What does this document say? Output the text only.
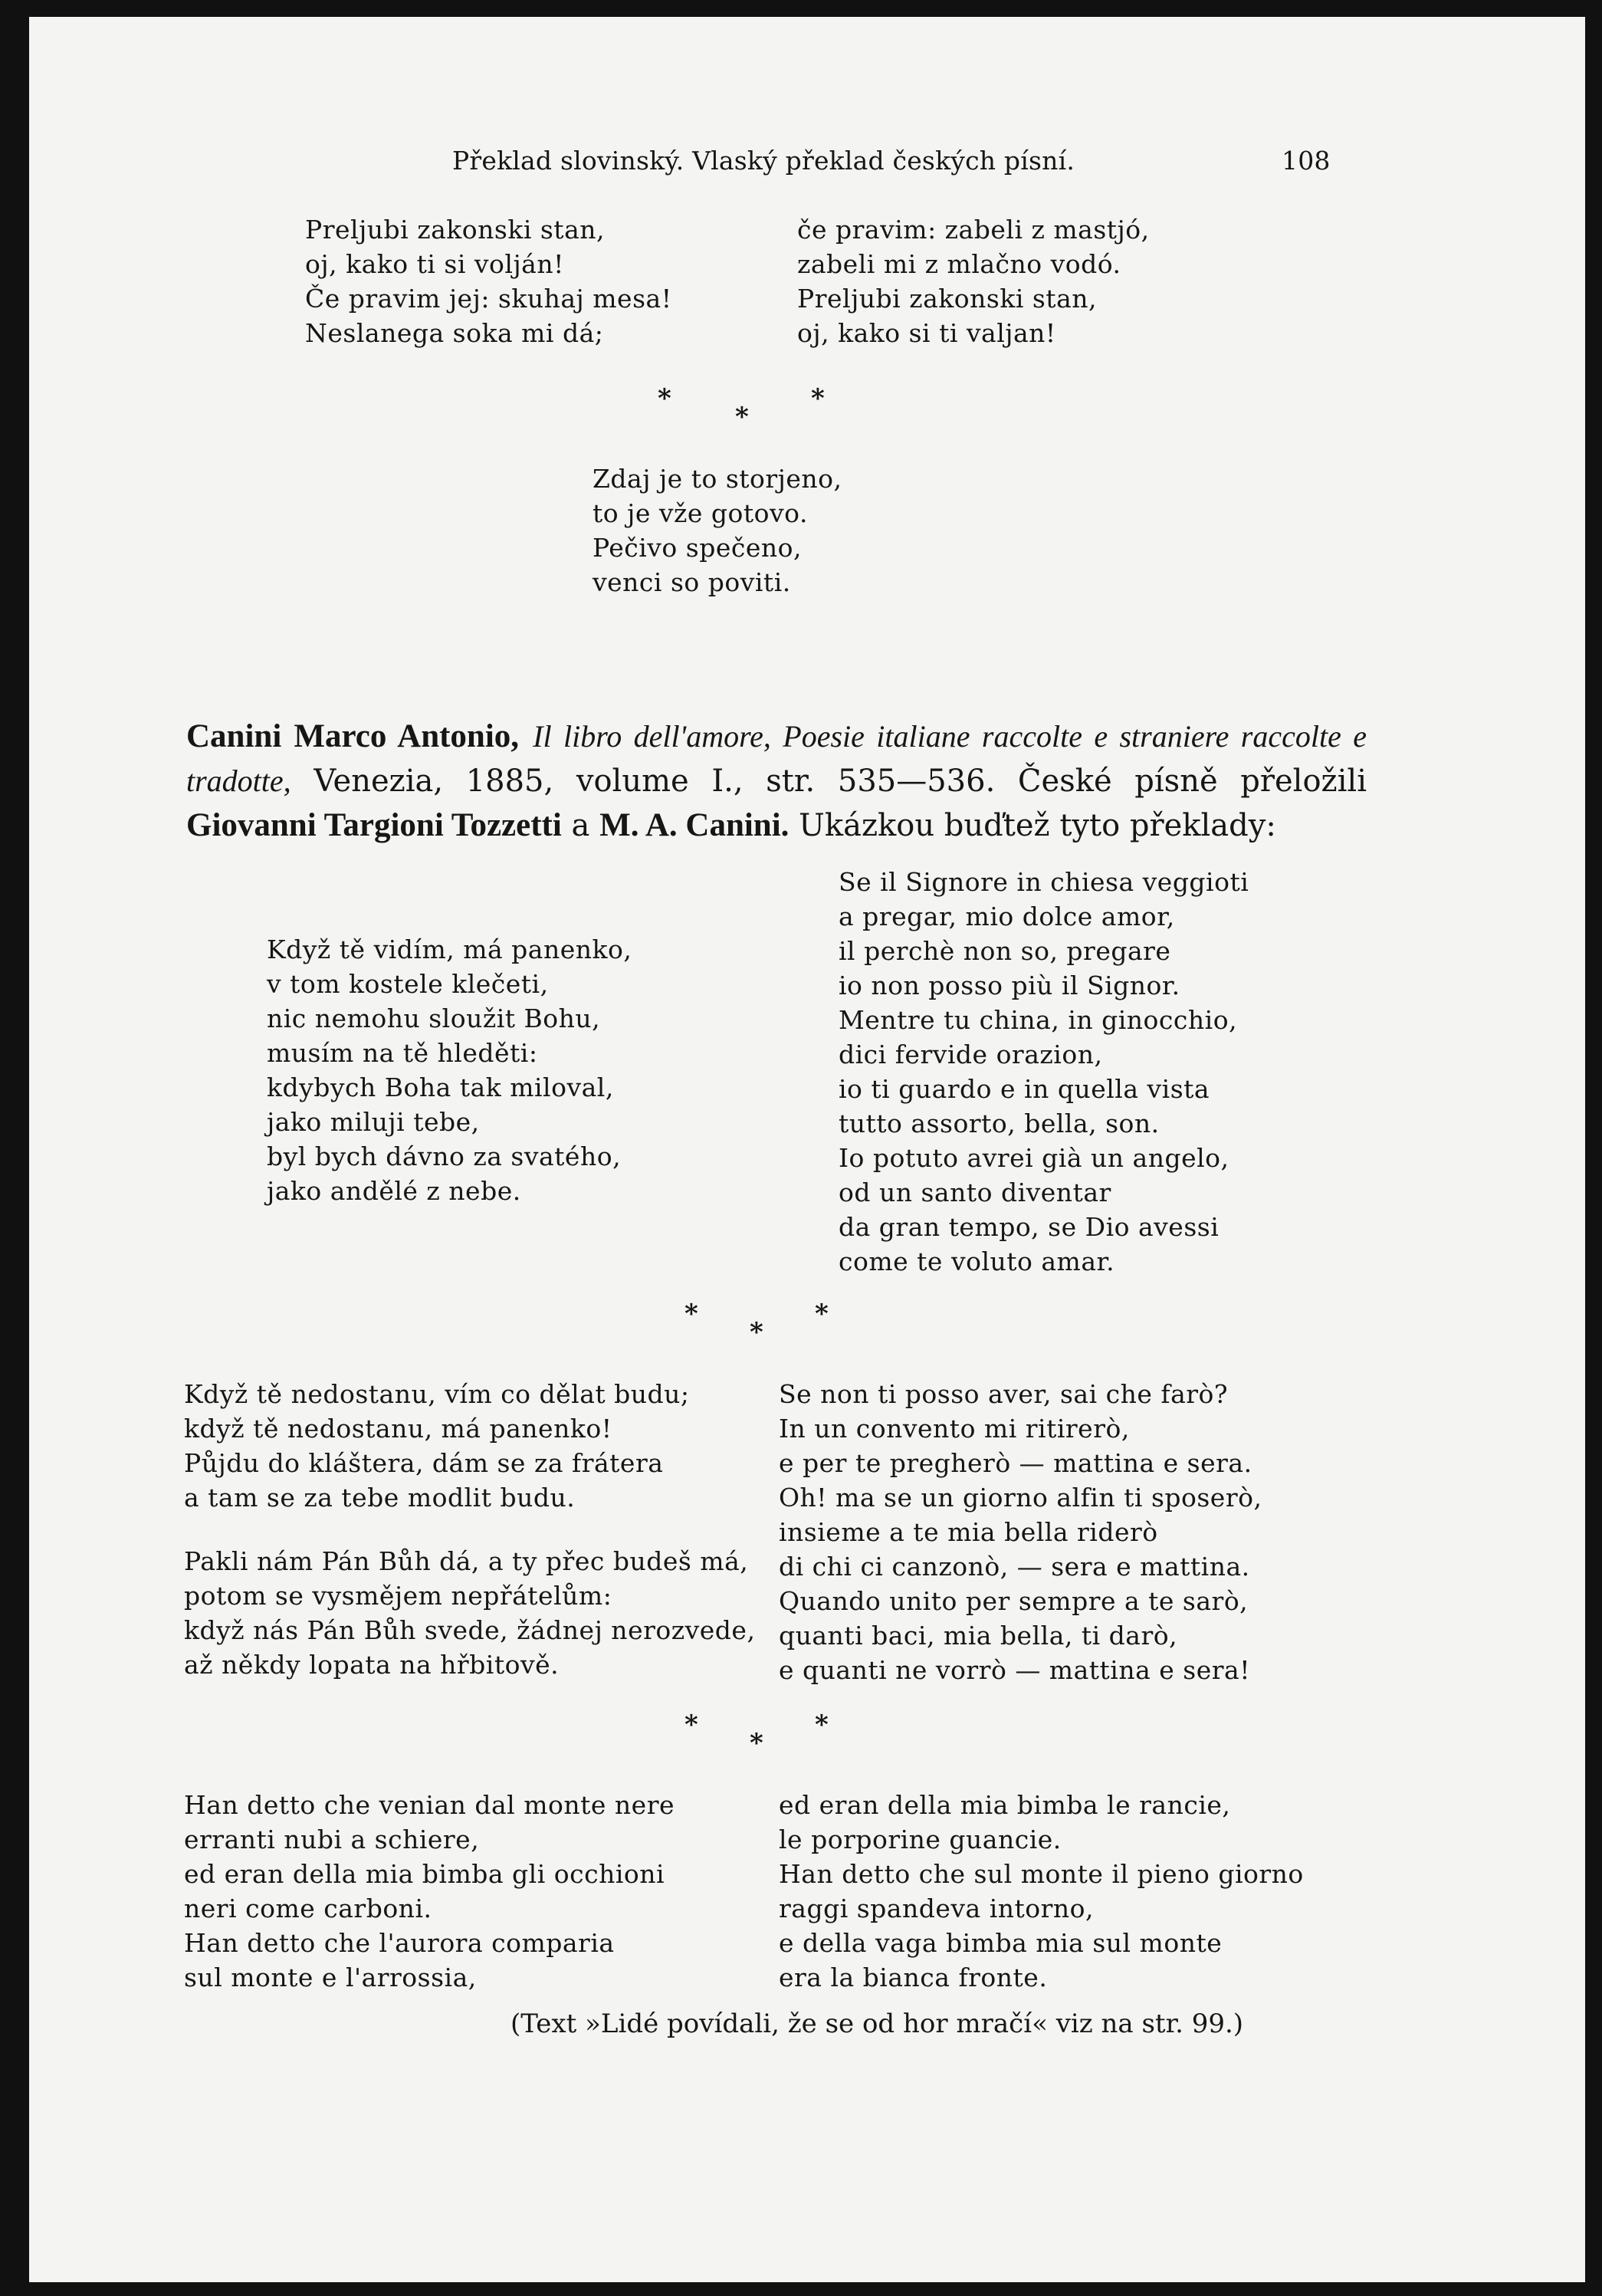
Překlad slovinský. Vlaský překlad českých písní.	108
Preljubi zakonski stan,
oj, kako ti si volján!
Če pravim jej: skuhaj mesa!
Neslanega soka mi dá;
če pravim: zabeli z mastjó,
zabeli mi z mlačno vodó.
Preljubi zakonski stan,
oj, kako si ti valjan!
*	*
*
Zdaj je to storjeno,
to je vže gotovo.
Pečivo spečeno,
venci so poviti.

Canini Marco Antonio, Il libro dell'amore, Poesie italiane raccolte e straniere raccolte e tradotte, Venezia, 1885, volume I., str. 535—536. České písně přeložili Giovanni Targioni Tozzetti a M. A. Canini. Ukázkou buďtež tyto překlady:

Když tě vidím, má panenko,
v tom kostele klečeti,
nic nemohu sloužit Bohu,
musím na tě hleděti:
kdybych Boha tak miloval,
jako miluji tebe,
byl bych dávno za svatého,
jako andělé z nebe.
Se il Signore in chiesa veggioti
a pregar, mio dolce amor,
il perchè non so, pregare
io non posso più il Signor.
Mentre tu china, in ginocchio,
dici fervide orazion,
io ti guardo e in quella vista
tutto assorto, bella, son.
Io potuto avrei già un angelo,
od un santo diventar
da gran tempo, se Dio avessi
come te voluto amar.
*	*
*
Když tě nedostanu, vím co dělat budu;
když tě nedostanu, má panenko!
Půjdu do kláštera, dám se za frátera
a tam se za tebe modlit budu.
Pakli nám Pán Bůh dá, a ty přec budeš má,
potom se vysmějem nepřátelům:
když nás Pán Bůh svede, žádnej nerozvede,
až někdy lopata na hřbitově.
Se non ti posso aver, sai che farò?
In un convento mi ritirerò,
e per te pregherò — mattina e sera.
Oh! ma se un giorno alfin ti sposerò,
insieme a te mia bella riderò
di chi ci canzonò, — sera e mattina.
Quando unito per sempre a te sarò,
quanti baci, mia bella, ti darò,
e quanti ne vorrò — mattina e sera!
*	*
*
Han detto che venian dal monte nere
erranti nubi a schiere,
ed eran della mia bimba gli occhioni
neri come carboni.
Han detto che l'aurora comparia
sul monte e l'arrossia,
ed eran della mia bimba le rancie,
le porporine guancie.
Han detto che sul monte il pieno giorno
raggi spandeva intorno,
e della vaga bimba mia sul monte
era la bianca fronte.
(Text »Lidé povídali, že se od hor mračí« viz na str. 99.)
